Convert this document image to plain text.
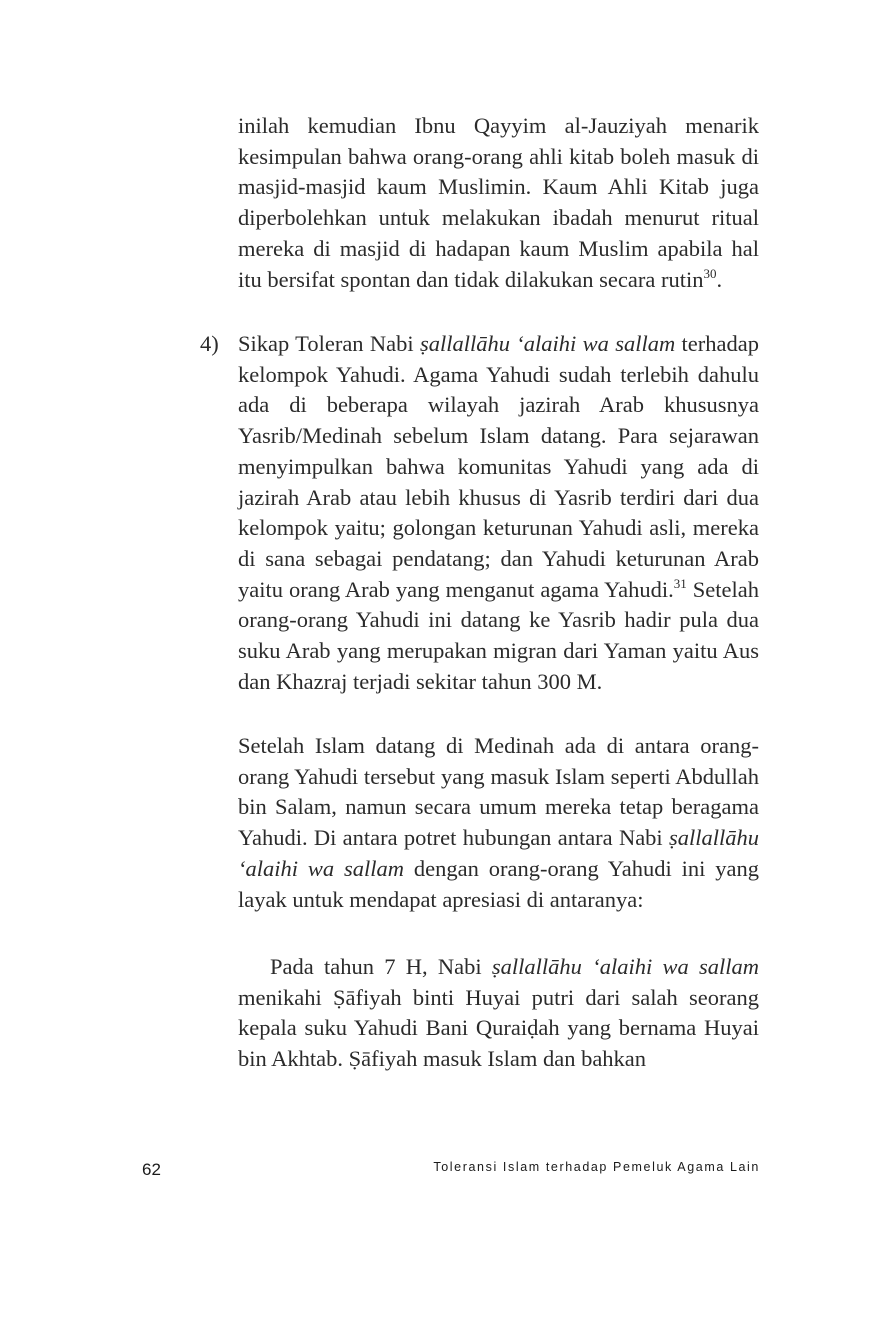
inilah kemudian Ibnu Qayyim al-Jauziyah menarik kesimpulan bahwa orang-orang ahli kitab boleh masuk di masjid-masjid kaum Muslimin. Kaum Ahli Kitab juga diperbolehkan untuk melakukan ibadah menurut ritual mereka di masjid di hadapan kaum Muslim apabila hal itu bersifat spontan dan tidak dilakukan secara rutin$^{30}$.

4) Sikap Toleran Nabi ṣallallāhu ‘alaihi wa sallam terhadap kelompok Yahudi. Agama Yahudi sudah terlebih dahulu ada di beberapa wilayah jazirah Arab khususnya Yasrib/Medinah sebelum Islam datang. Para sejarawan menyimpulkan bahwa komunitas Yahudi yang ada di jazirah Arab atau lebih khusus di Yasrib terdiri dari dua kelompok yaitu; golongan keturunan Yahudi asli, mereka di sana sebagai pendatang; dan Yahudi keturunan Arab yaitu orang Arab yang menganut agama Yahudi.$^{31}$ Setelah orang-orang Yahudi ini datang ke Yasrib hadir pula dua suku Arab yang merupakan migran dari Yaman yaitu Aus dan Khazraj terjadi sekitar tahun 300 M.

Setelah Islam datang di Medinah ada di antara orang-orang Yahudi tersebut yang masuk Islam seperti Abdullah bin Salam, namun secara umum mereka tetap beragama Yahudi. Di antara potret hubungan antara Nabi ṣallallāhu ‘alaihi wa sallam dengan orang-orang Yahudi ini yang layak untuk mendapat apresiasi di antaranya:

Pada tahun 7 H, Nabi ṣallallāhu ‘alaihi wa sallam menikahi Ṣāfiyah binti Huyai putri dari salah seorang kepala suku Yahudi Bani Quraiḍah yang bernama Huyai bin Akhtab. Ṣāfiyah masuk Islam dan bahkan

62	Toleransi Islam terhadap Pemeluk Agama Lain
